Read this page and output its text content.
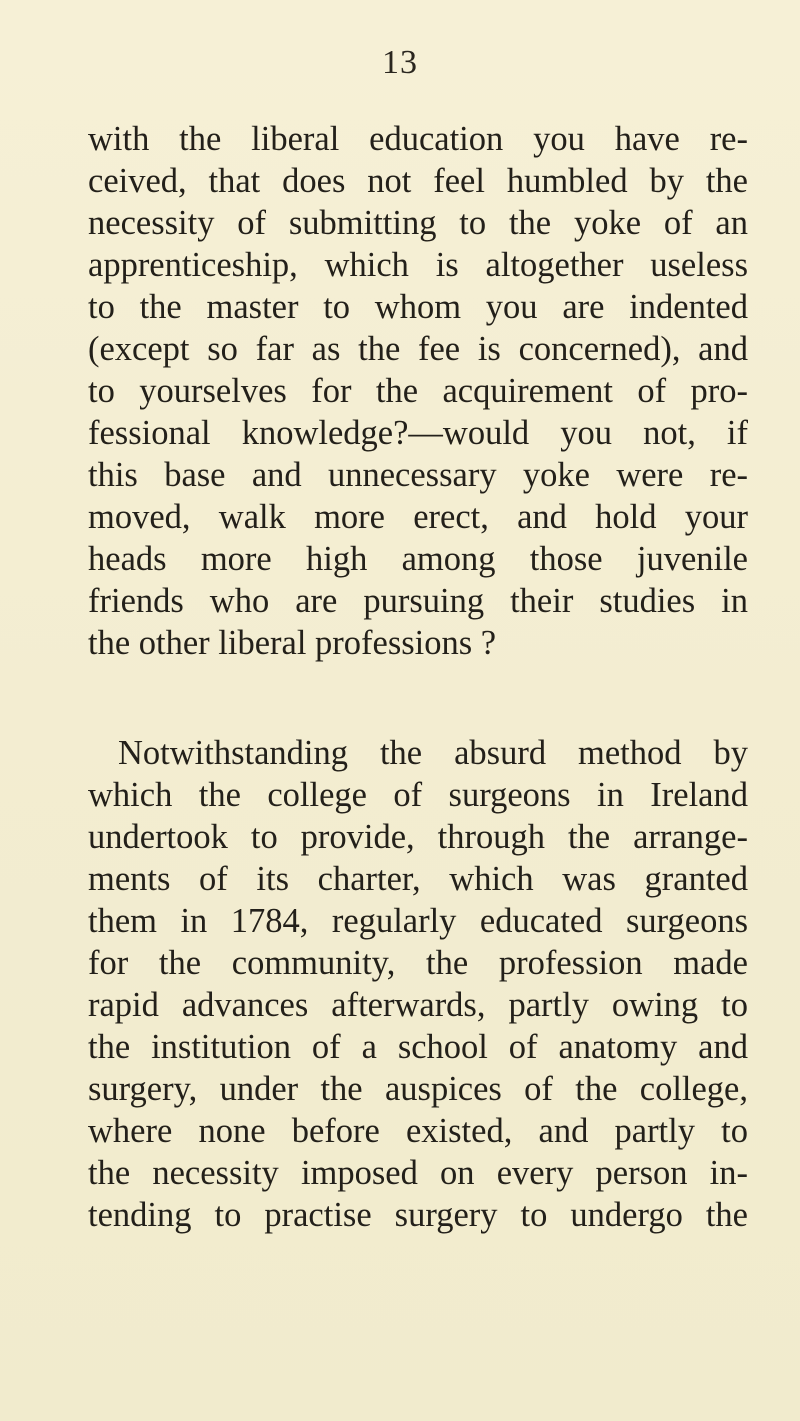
13
with the liberal education you have re-
ceived, that does not feel humbled by the
necessity of submitting to the yoke of an
apprenticeship, which is altogether useless
to the master to whom you are indented
(except so far as the fee is concerned), and
to yourselves for the acquirement of pro-
fessional knowledge?—would you not, if
this base and unnecessary yoke were re-
moved, walk more erect, and hold your
heads more high among those juvenile
friends who are pursuing their studies in
the other liberal professions ?
Notwithstanding the absurd method by
which the college of surgeons in Ireland
undertook to provide, through the arrange-
ments of its charter, which was granted
them in 1784, regularly educated surgeons
for the community, the profession made
rapid advances afterwards, partly owing to
the institution of a school of anatomy and
surgery, under the auspices of the college,
where none before existed, and partly to
the necessity imposed on every person in-
tending to practise surgery to undergo the
